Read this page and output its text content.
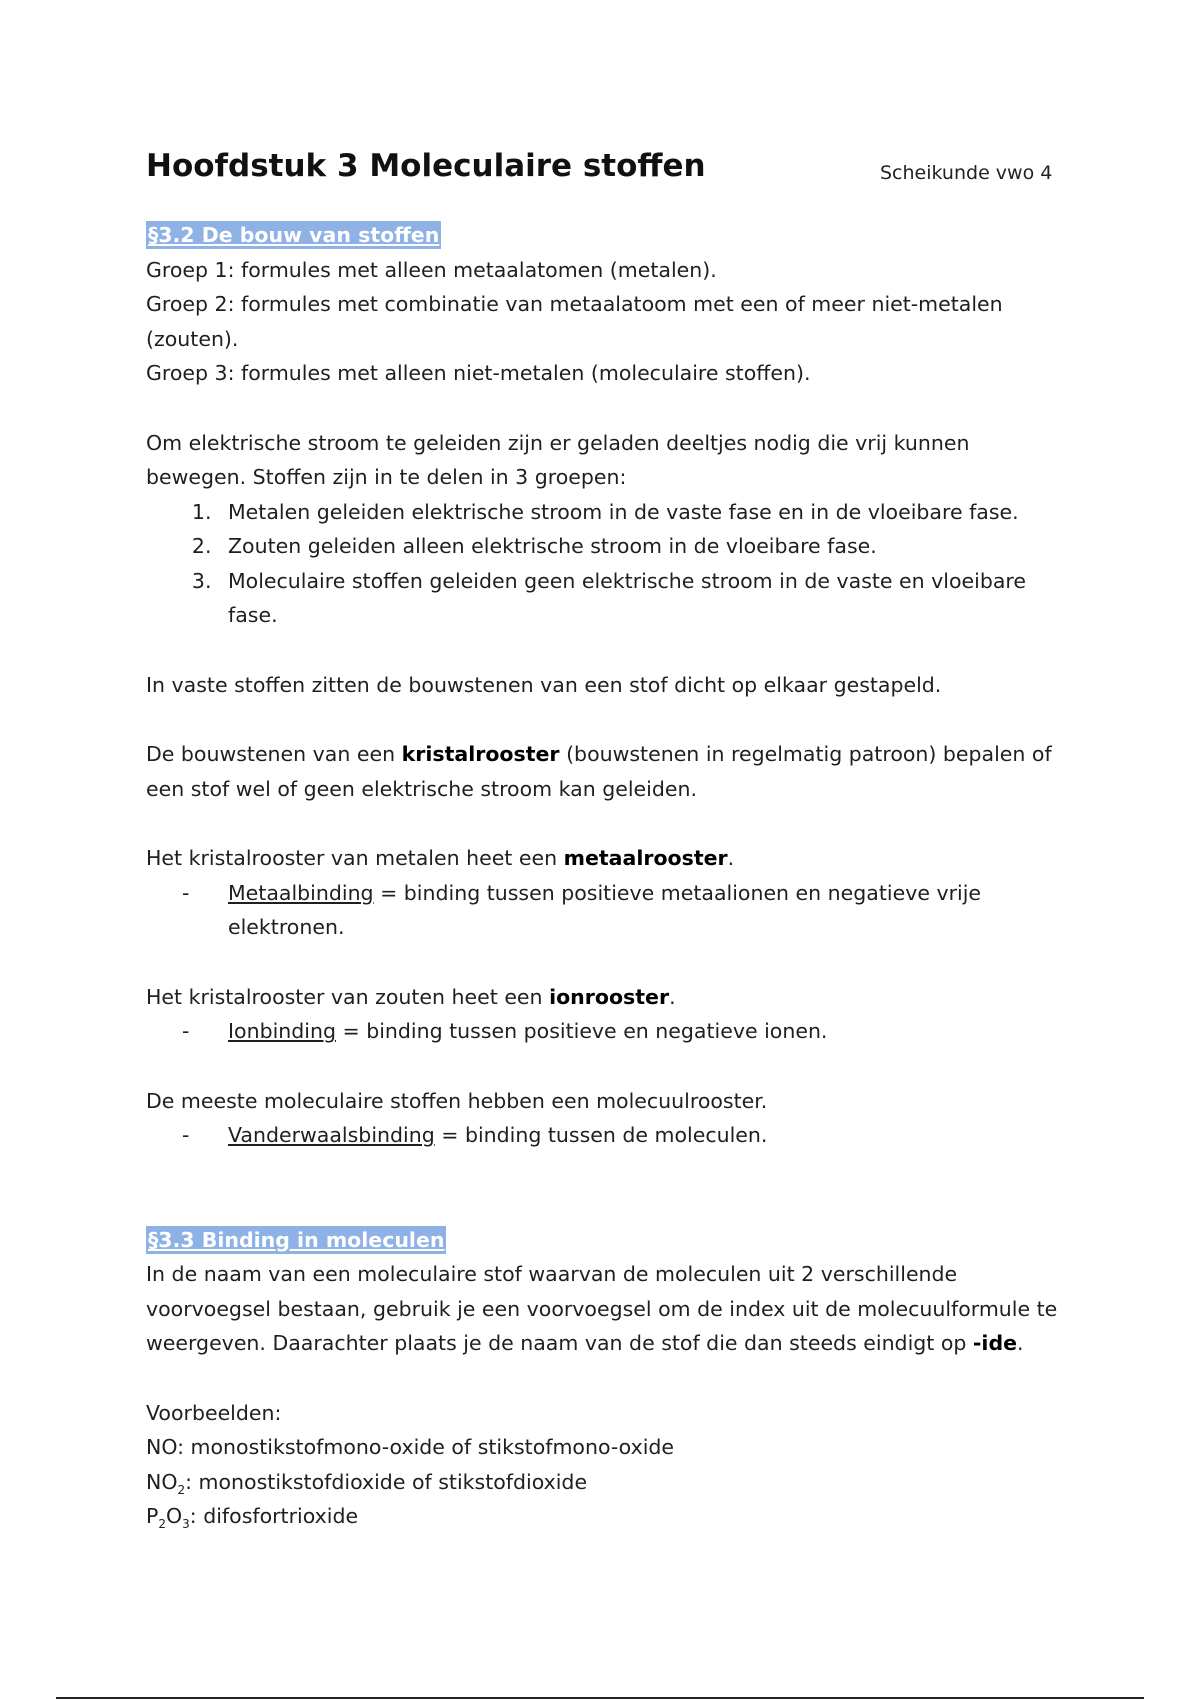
Hoofdstuk 3 Moleculaire stoffen	Scheikunde vwo 4
§3.2 De bouw van stoffen

Groep 1: formules met alleen metaalatomen (metalen).

Groep 2: formules met combinatie van metaalatoom met een of meer niet-metalen (zouten).

Groep 3: formules met alleen niet-metalen (moleculaire stoffen).

Om elektrische stroom te geleiden zijn er geladen deeltjes nodig die vrij kunnen bewegen. Stoffen zijn in te delen in 3 groepen:

1. Metalen geleiden elektrische stroom in de vaste fase en in de vloeibare fase.
2. Zouten geleiden alleen elektrische stroom in de vloeibare fase.
3. Moleculaire stoffen geleiden geen elektrische stroom in de vaste en vloeibare fase.

In vaste stoffen zitten de bouwstenen van een stof dicht op elkaar gestapeld.

De bouwstenen van een kristalrooster (bouwstenen in regelmatig patroon) bepalen of een stof wel of geen elektrische stroom kan geleiden.

Het kristalrooster van metalen heet een metaalrooster.

- Metaalbinding = binding tussen positieve metaalionen en negatieve vrije elektronen.

Het kristalrooster van zouten heet een ionrooster.

- Ionbinding = binding tussen positieve en negatieve ionen.

De meeste moleculaire stoffen hebben een molecuulrooster.

- Vanderwaalsbinding = binding tussen de moleculen.
§3.3 Binding in moleculen

In de naam van een moleculaire stof waarvan de moleculen uit 2 verschillende voorvoegsel bestaan, gebruik je een voorvoegsel om de index uit de molecuulformule te weergeven. Daarachter plaats je de naam van de stof die dan steeds eindigt op -ide.

Voorbeelden:

NO: monostikstofmono-oxide of stikstofmono-oxide

$NO_2$: monostikstofdioxide of stikstofdioxide

$P_2O_3$: difosfortrioxide
